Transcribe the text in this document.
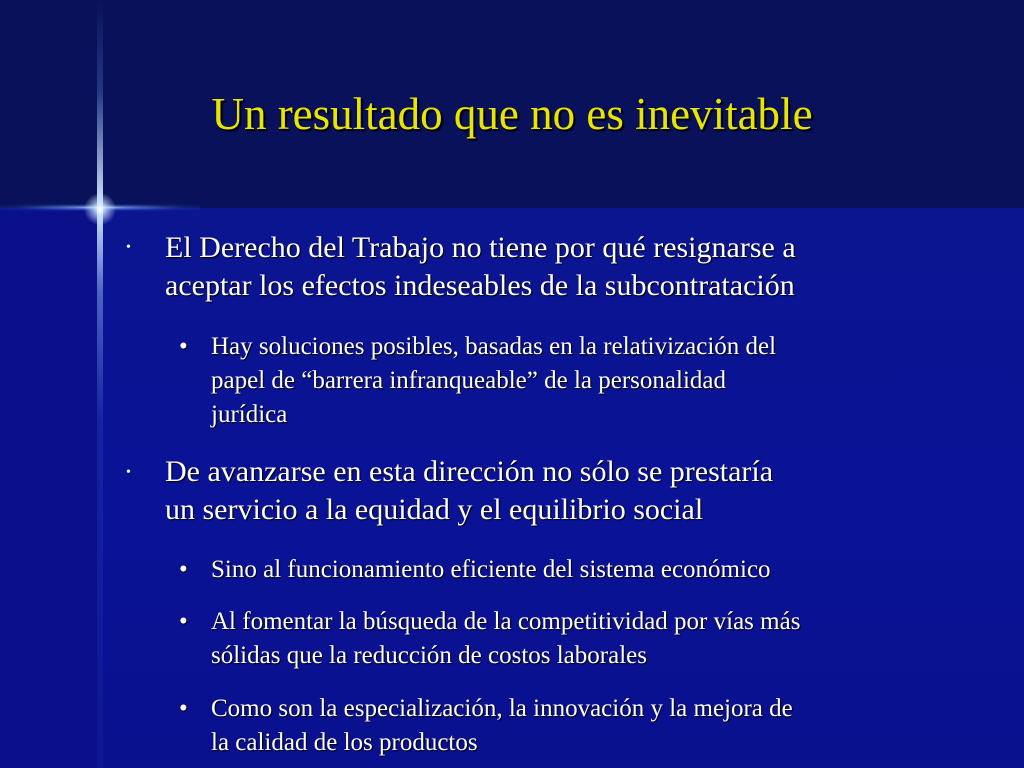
Un resultado que no es inevitable
• El Derecho del Trabajo no tiene por qué resignarse a
aceptar los efectos indeseables de la subcontratación
• Hay soluciones posibles, basadas en la relativización del
papel de “barrera infranqueable” de la personalidad
jurídica
• De avanzarse en esta dirección no sólo se prestaría
un servicio a la equidad y el equilibrio social
• Sino al funcionamiento eficiente del sistema económico
• Al fomentar la búsqueda de la competitividad por vías más
sólidas que la reducción de costos laborales
• Como son la especialización, la innovación y la mejora de
la calidad de los productos
